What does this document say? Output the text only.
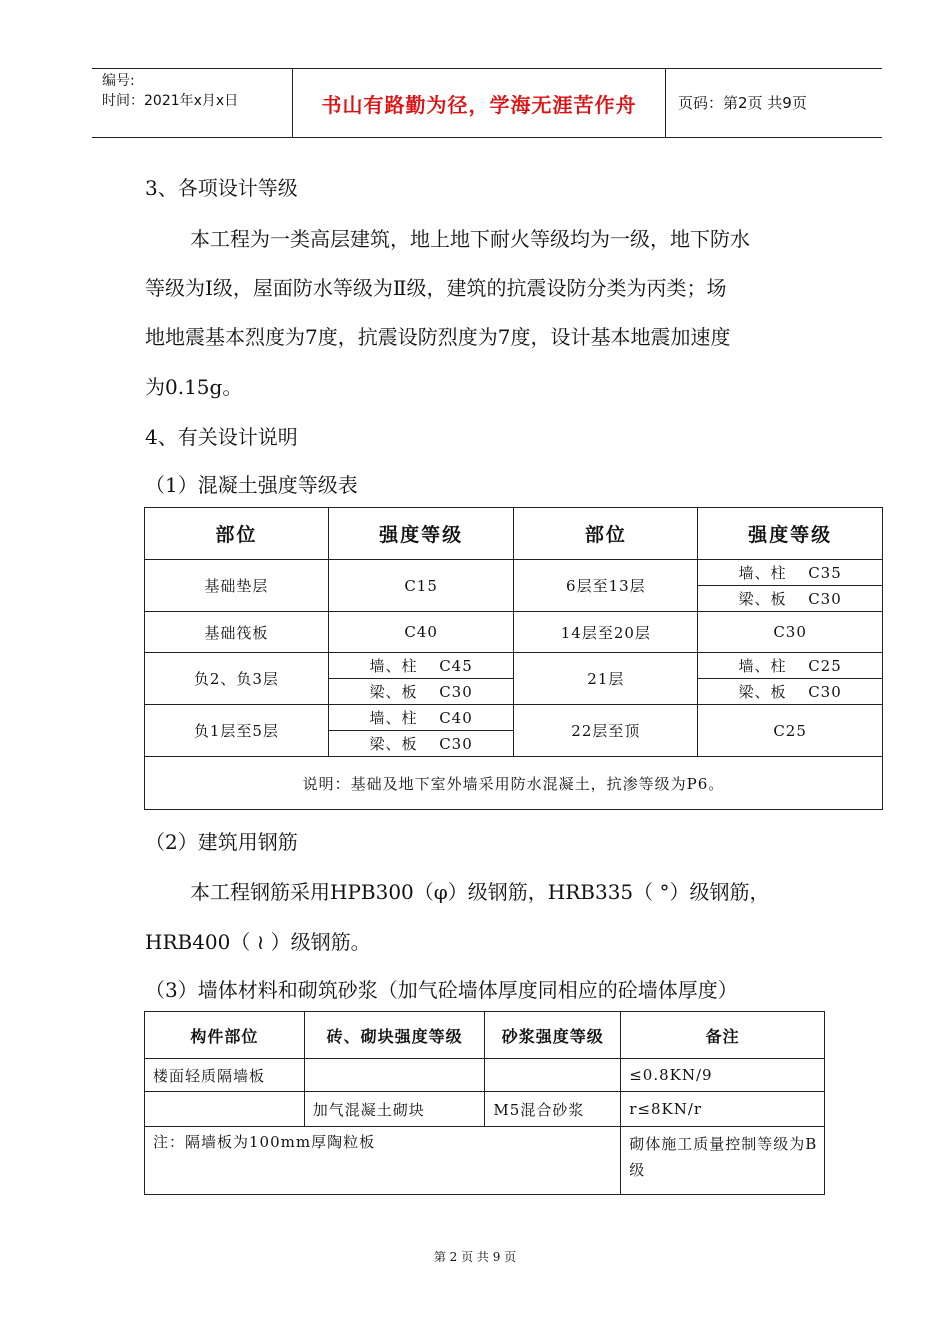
编号:
时间：2021年x月x日	书山有路勤为径，学海无涯苦作舟	页码：第2页 共9页
3、各项设计等级
本工程为一类高层建筑，地上地下耐火等级均为一级，地下防水
等级为Ⅰ级，屋面防水等级为Ⅱ级，建筑的抗震设防分类为丙类；场
地地震基本烈度为7度，抗震设防烈度为7度，设计基本地震加速度
为0.15g。
4、有关设计说明
（1）混凝土强度等级表
部位	强度等级	部位	强度等级
基础垫层	C15	6层至13层	墙、柱　 C35
			梁、板　 C30
基础筏板	C40	14层至20层	C30
负2、负3层	墙、柱　 C45	21层	墙、柱　 C25
	梁、板　 C30		梁、板　 C30
负1层至5层	墙、柱　 C40	22层至顶	C25
	梁、板　 C30		
说明：基础及地下室外墙采用防水混凝土，抗渗等级为P6。			
（2）建筑用钢筋
本工程钢筋采用HPB300（φ）级钢筋，HRB335（ °）级钢筋，
HRB400（ ≀ ）级钢筋。
（3）墙体材料和砌筑砂浆（加气砼墙体厚度同相应的砼墙体厚度）
构件部位	砖、砌块强度等级	砂浆强度等级	备注
楼面轻质隔墙板			≤0.8KN/9
	加气混凝土砌块	M5混合砂浆	r≤8KN/r
注：隔墙板为100mm厚陶粒板			砌体施工质量控制等级为B级
第 2 页 共 9 页
